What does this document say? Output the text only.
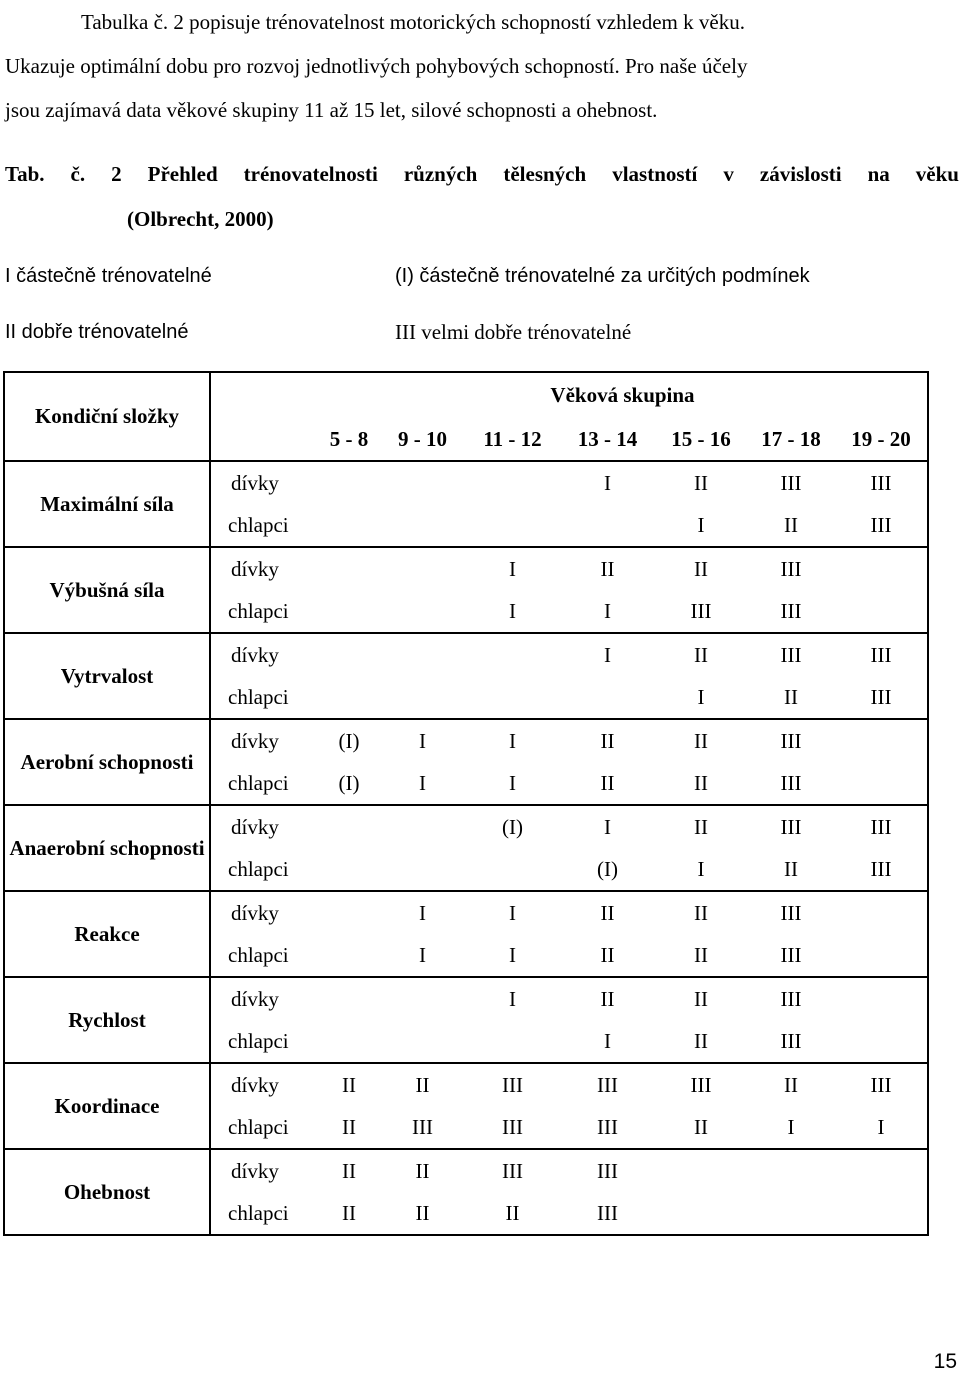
Tabulka č. 2 popisuje trénovatelnost motorických schopností vzhledem k věku.
Ukazuje optimální dobu pro rozvoj jednotlivých pohybových schopností. Pro naše účely
jsou zajímavá data věkové skupiny 11 až 15 let, silové schopnosti a ohebnost.

Tab. č. 2 Přehled trénovatelnosti různých tělesných vlastností v závislosti na věku

(Olbrecht, 2000)

I částečně trénovatelné	(I) částečně trénovatelné za určitých podmínek
II dobře trénovatelné	III velmi dobře trénovatelné
Kondiční složky		Věková skupina						
		5 - 8	9 - 10	11 - 12	13 - 14	15 - 16	17 - 18	19 - 20
Maximální síla	dívky				I	II	III	III
	chlapci					I	II	III
Výbušná síla	dívky			I	II	II	III	
	chlapci			I	I	III	III	
Vytrvalost	dívky				I	II	III	III
	chlapci					I	II	III
Aerobní schopnosti	dívky	(I)	I	I	II	II	III	
	chlapci	(I)	I	I	II	II	III	
Anaerobní schopnosti	dívky			(I)	I	II	III	III
	chlapci				(I)	I	II	III
Reakce	dívky		I	I	II	II	III	
	chlapci		I	I	II	II	III	
Rychlost	dívky			I	II	II	III	
	chlapci				I	II	III	
Koordinace	dívky	II	II	III	III	III	II	III
	chlapci	II	III	III	III	II	I	I
Ohebnost	dívky	II	II	III	III			
	chlapci	II	II	II	III			
15
